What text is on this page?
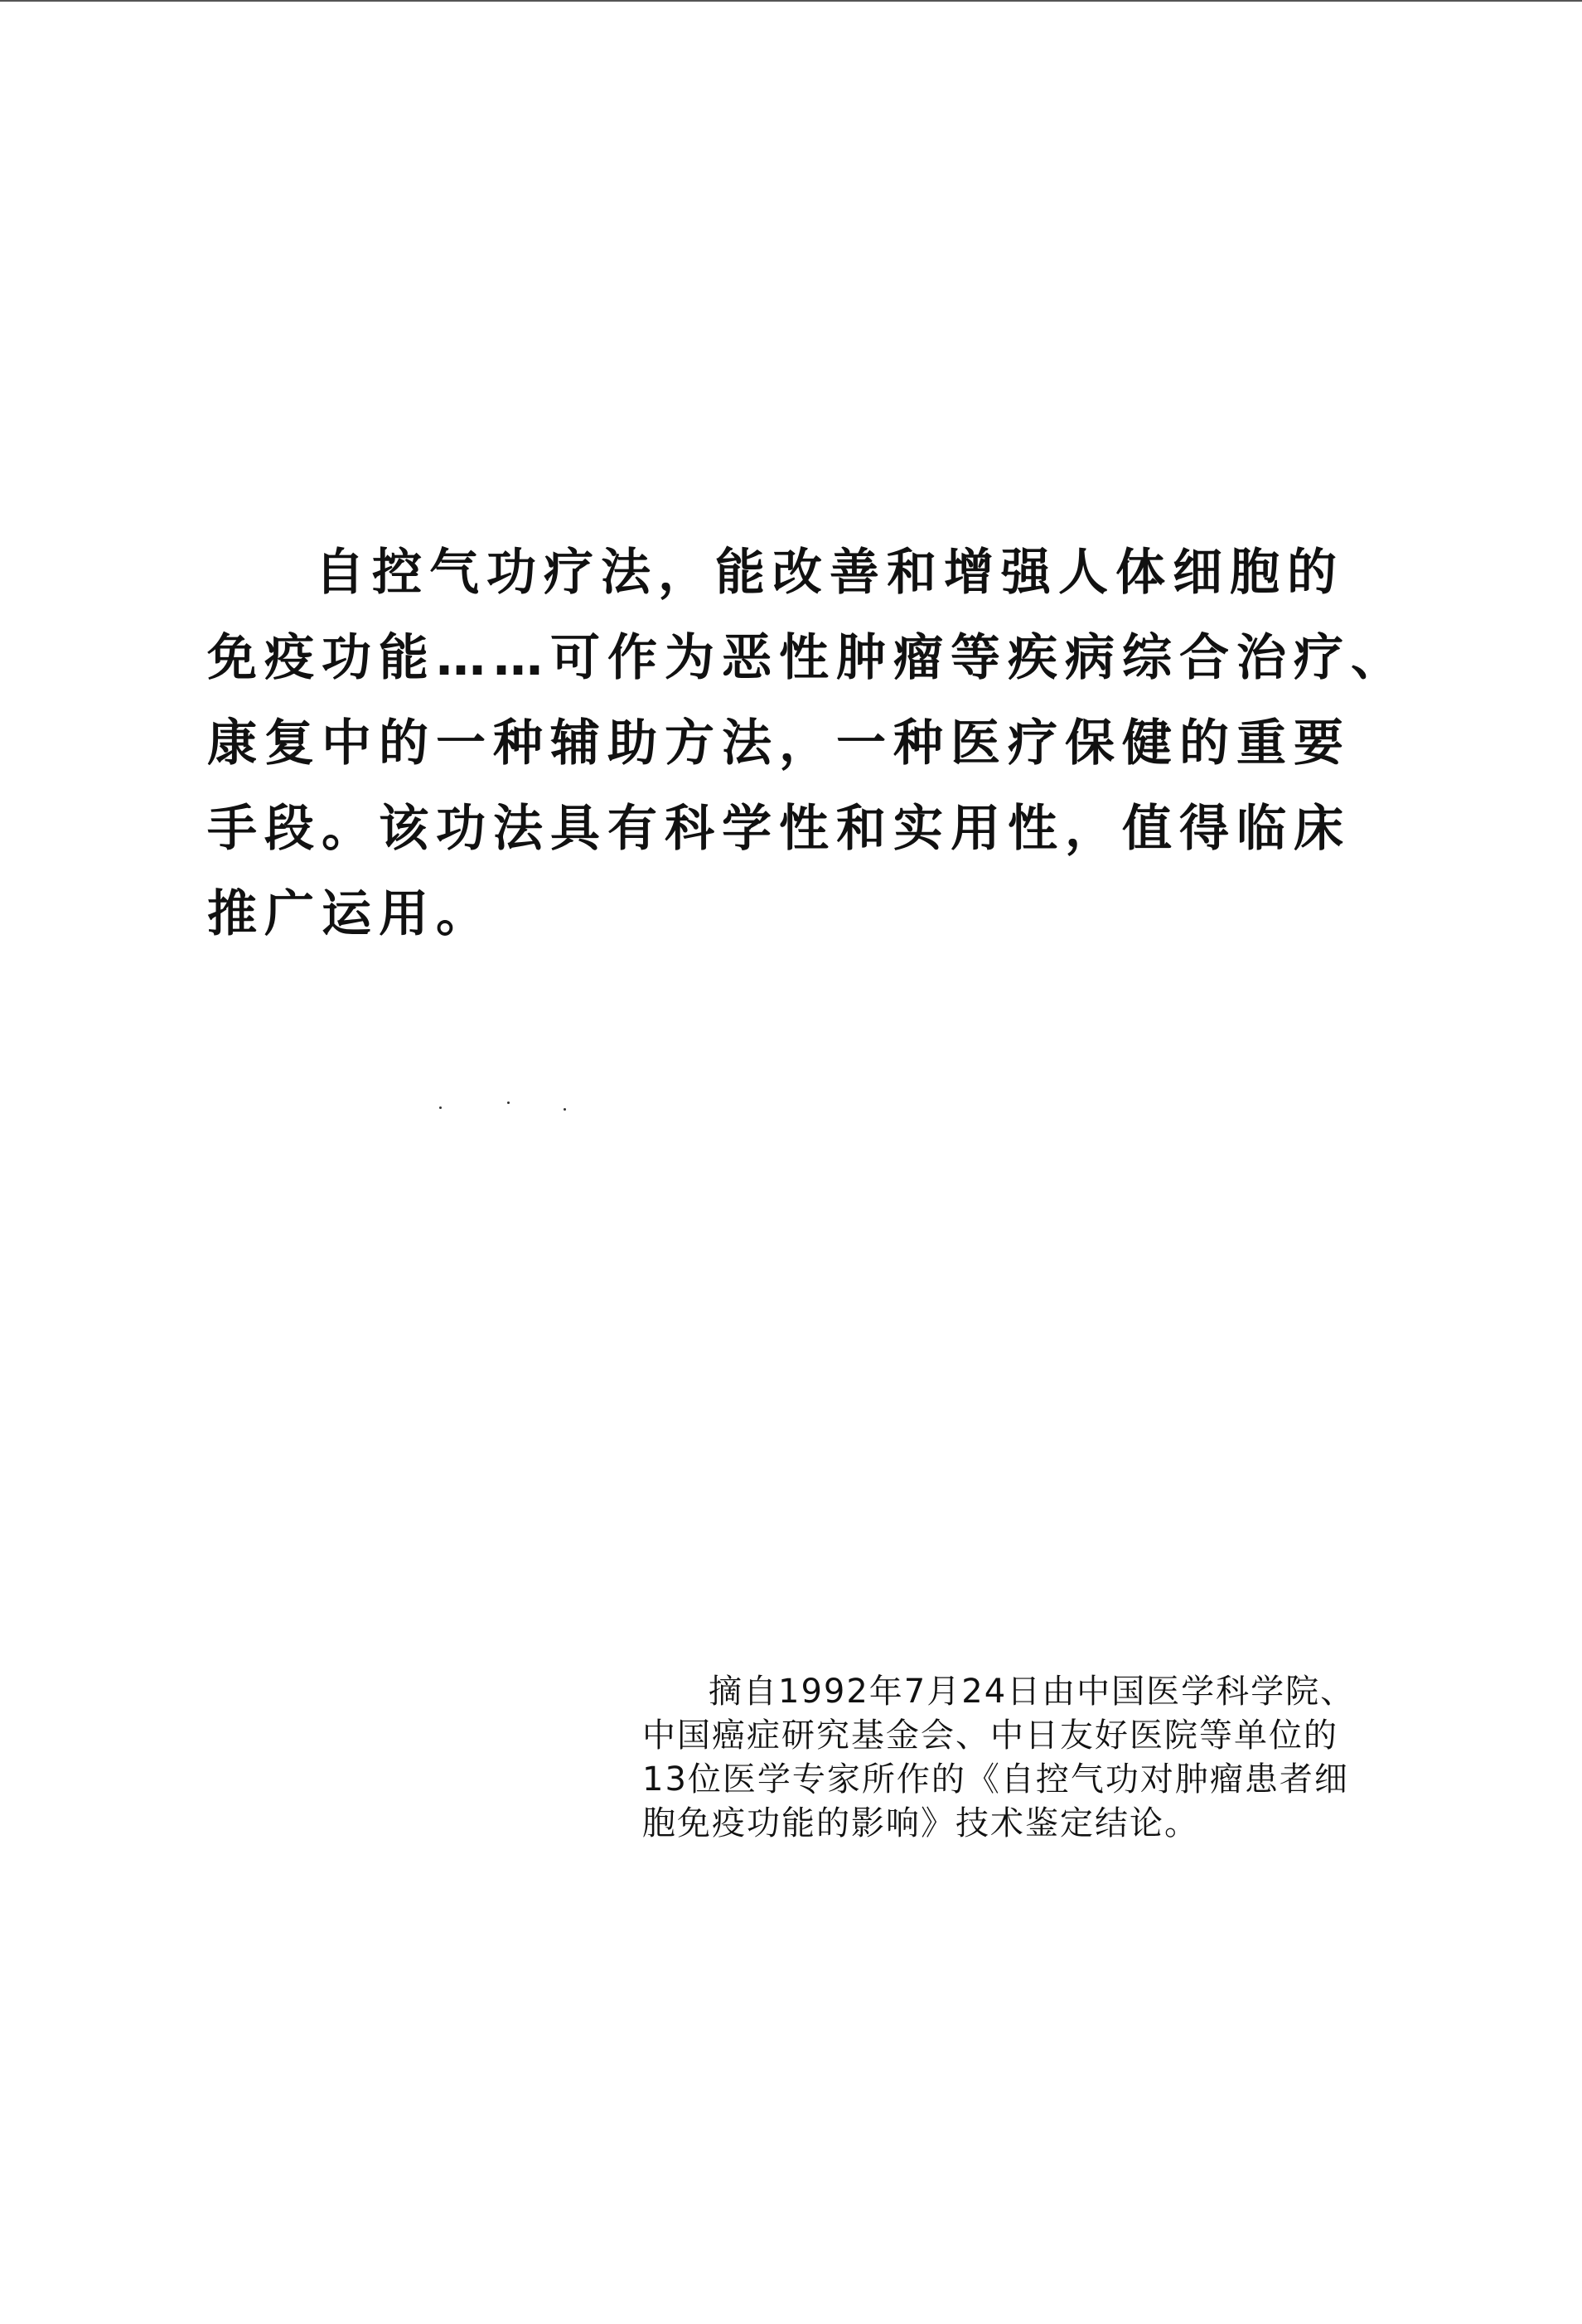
自控气功疗法，能改善和增强人体细胞的
免疫功能……可作为恶性肿瘤等疾病综合治疗、
康复中的一种辅助方法，一种医疗保健的重要
手段。该功法具有科学性和实用性，值得临床
推广运用。
摘自1992年7月24日由中国医学科学院、
中国癌症研究基金会、中日友好医院等单位的
13位医学专家所作的《自控气功对肿瘤患者细
胞免疫功能的影响》技术鉴定结论。
